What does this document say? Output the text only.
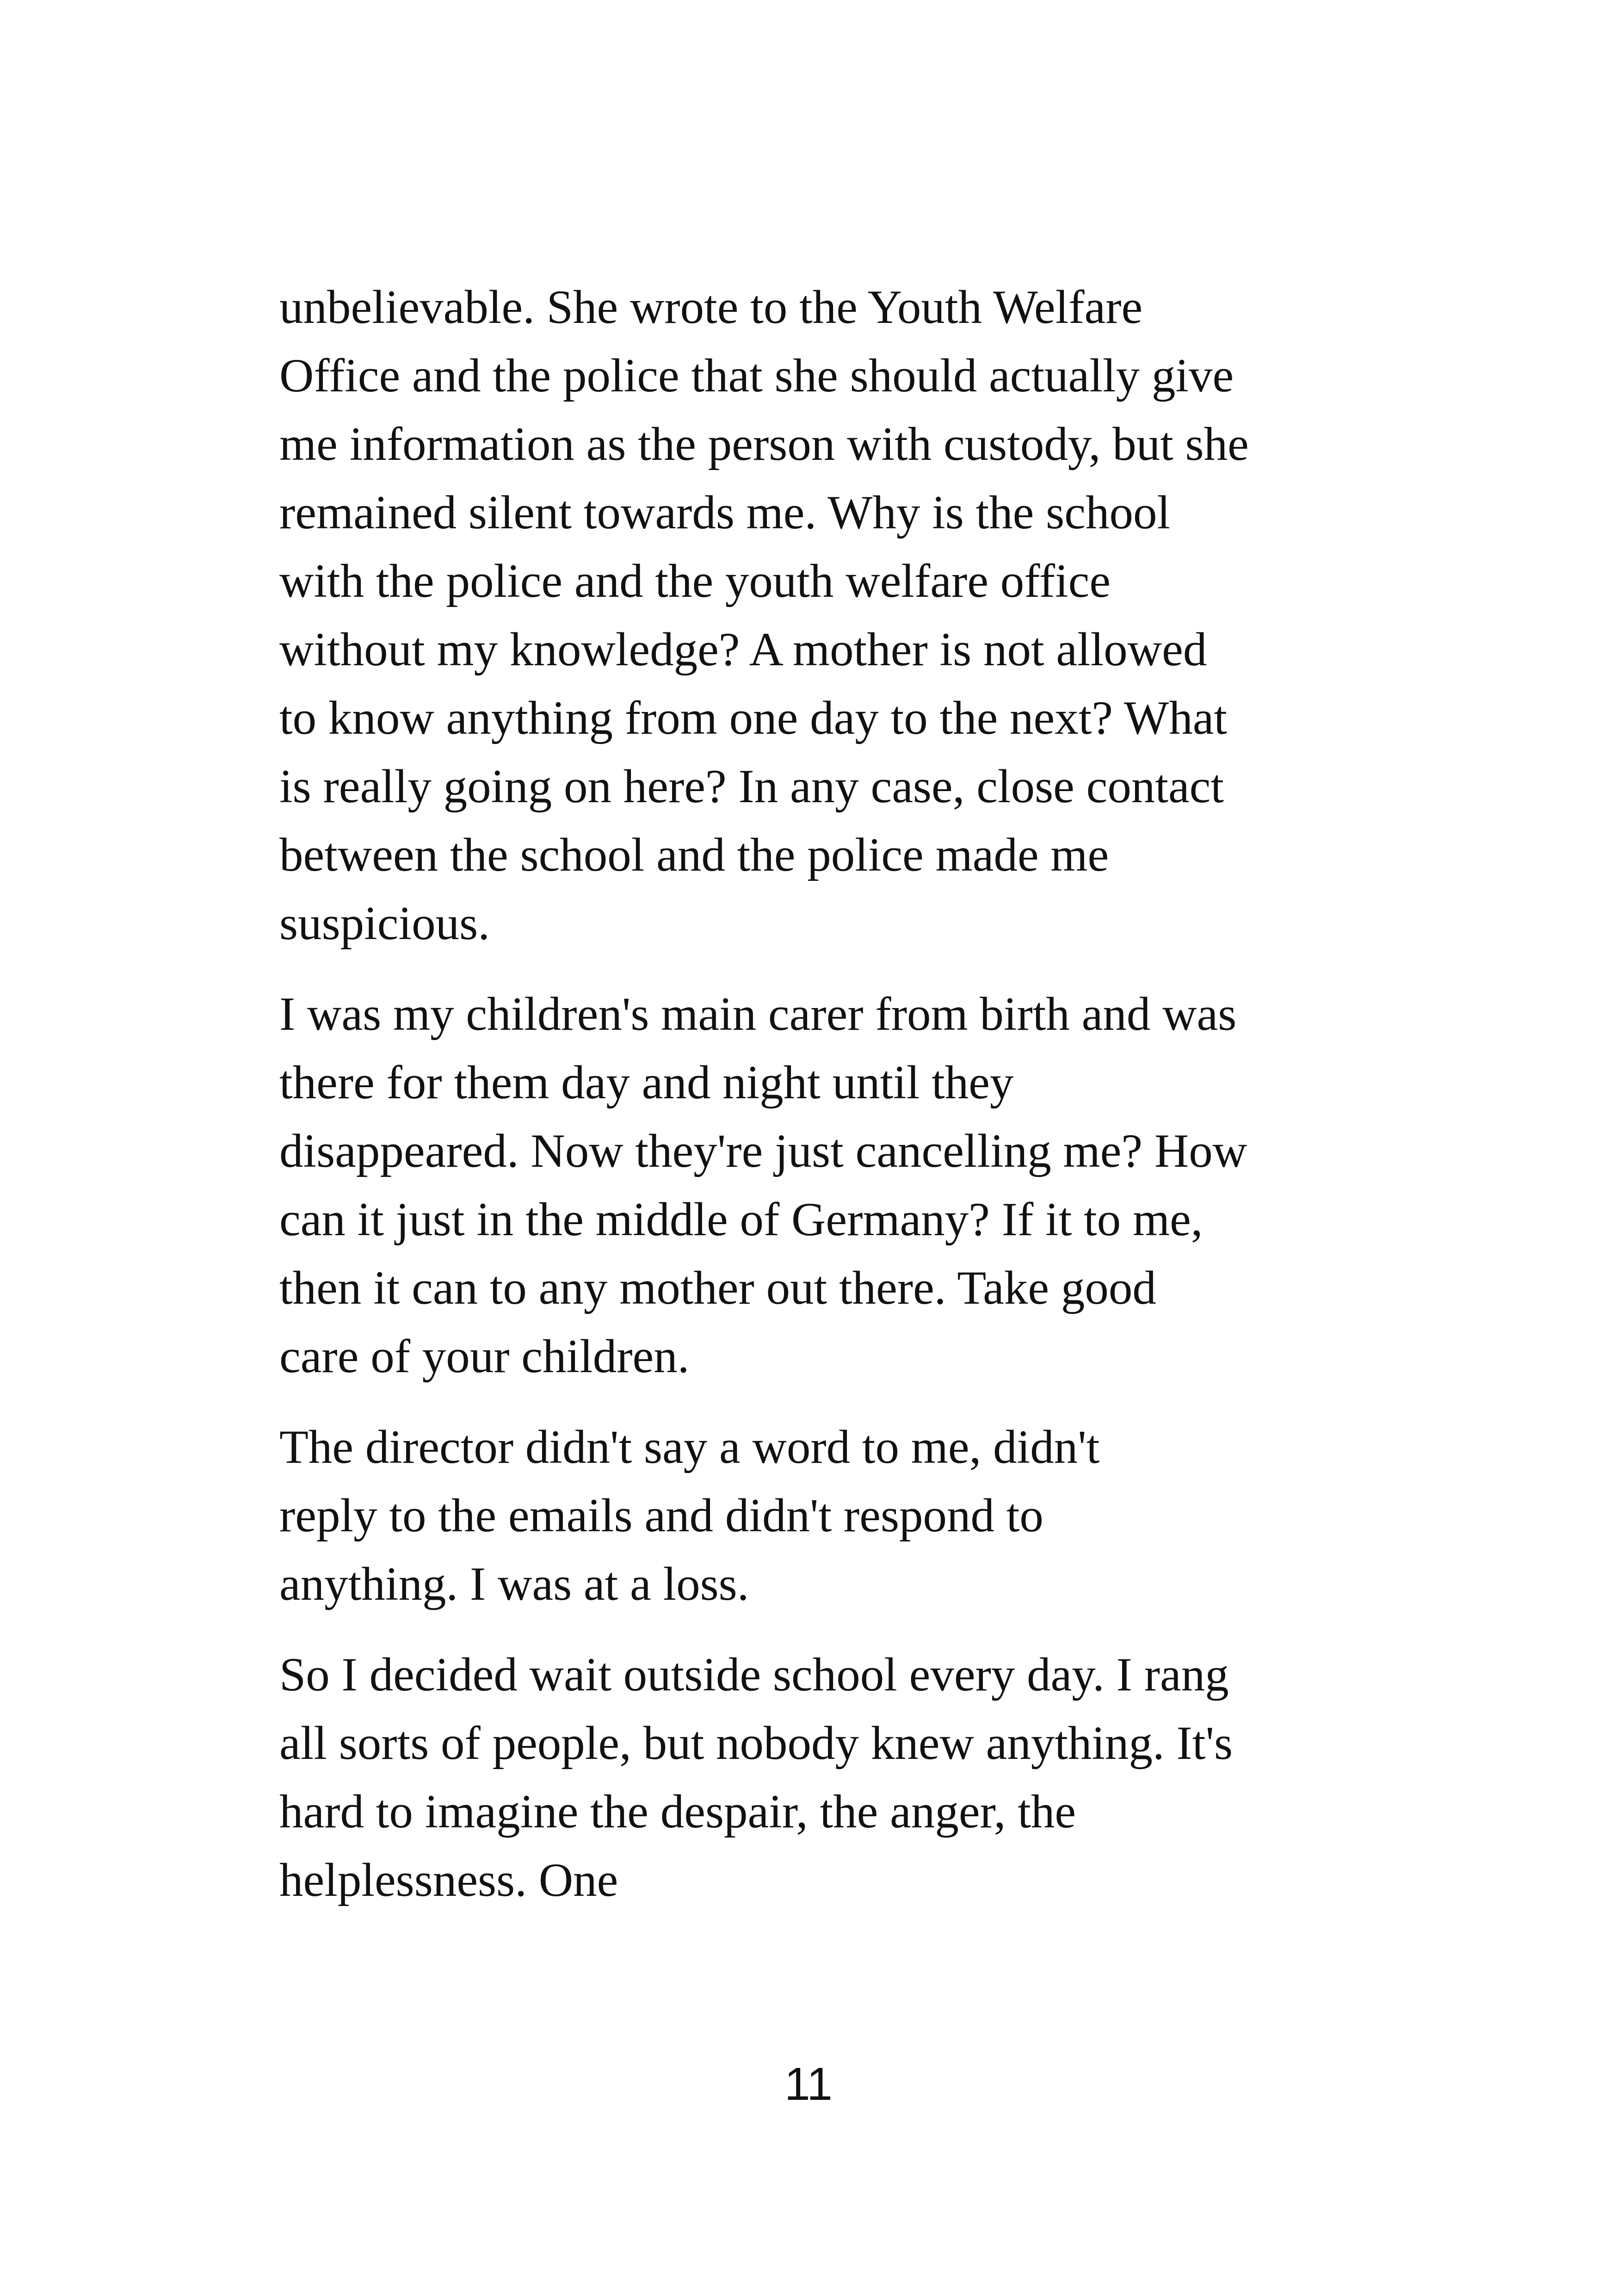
unbelievable. She wrote to the Youth Welfare
Office and the police that she should actually give
me information as the person with custody, but she
remained silent towards me. Why is the school
with the police and the youth welfare office
without my knowledge? A mother is not allowed
to know anything from one day to the next? What
is really going on here? In any case, close contact
between the school and the police made me
suspicious.

I was my children's main carer from birth and was
there for them day and night until they
disappeared. Now they're just cancelling me? How
can it just in the middle of Germany? If it to me,
then it can to any mother out there. Take good
care of your children.

The director didn't say a word to me, didn't
reply to the emails and didn't respond to
anything. I was at a loss.

So I decided wait outside school every day. I rang
all sorts of people, but nobody knew anything. It's
hard to imagine the despair, the anger, the
helplessness. One

11
